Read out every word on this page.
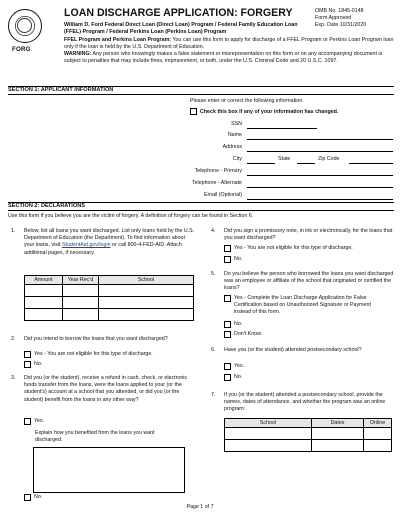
FORG
LOAN DISCHARGE APPLICATION: FORGERY	OMB No. 1845-0148
Form Approved
Exp. Date 10/31/2020
William D. Ford Federal Direct Loan (Direct Loan) Program / Federal Family Education Loan (FFEL) Program / Federal Perkins Loan (Perkins Loan) Program
FFEL Program and Perkins Loan Program: You can use this form to apply for discharge of a FFEL Program or Perkins Loan Program loan only if the loan is held by the U.S. Department of Education.
WARNING: Any person who knowingly makes a false statement or misrepresentation on this form or on any accompanying document is subject to penalties that may include fines, imprisonment, or both, under the U.S. Criminal Code and 20 U.S.C. 1097.
SECTION 1: APPLICANT INFORMATION
Please enter or correct the following information.
Check this box if any of your information has changed.
SSN
Name
Address
City	State	Zip Code
Telephone - Primary
Telephone - Alternate
Email (Optional)
SECTION 2: DECLARATIONS
Use this form if you believe you are the victim of forgery. A definition of forgery can be found in Section 6.
1. Below, list all loans you want discharged. List only loans held by the U.S. Department of Education (the Department). To find information about your loans, visit StudentAid.gov/login or call 800-4-FED-AID. Attach additional pages, if necessary.
Amount	Year Rec'd	School

2. Did you intend to borrow the loans that you want discharged?
Yes - You are not eligible for this type of discharge.
No.
3. Did you (or the student), receive a refund in cash, check, or electronic funds transfer from the loans, were the loans applied to your (or the student's) account at a school that you attended, or did you (or the student) benefit from the loans in any other way?
Yes.
Explain how you benefited from the loans you want discharged.
No.
4. Did you sign a promissory note, in ink or electronically, for the loans that you want discharged?
Yes - You are not eligible for this type of discharge.
No.
5. Do you believe the person who borrowed the loans you want discharged was an employee or affiliate of the school that originated or certified the loans?
Yes - Complete the Loan Discharge Application for False Certification based on Unauthorized Signature or Payment instead of this form.
No.
Don't Know.
6. Have you (or the student) attended postsecondary school?
Yes.
No.
7. If you (or the student) attended a postsecondary school, provide the names, dates of attendance, and whether the program was an online program:
School	Dates	Online

Page 1 of 7
